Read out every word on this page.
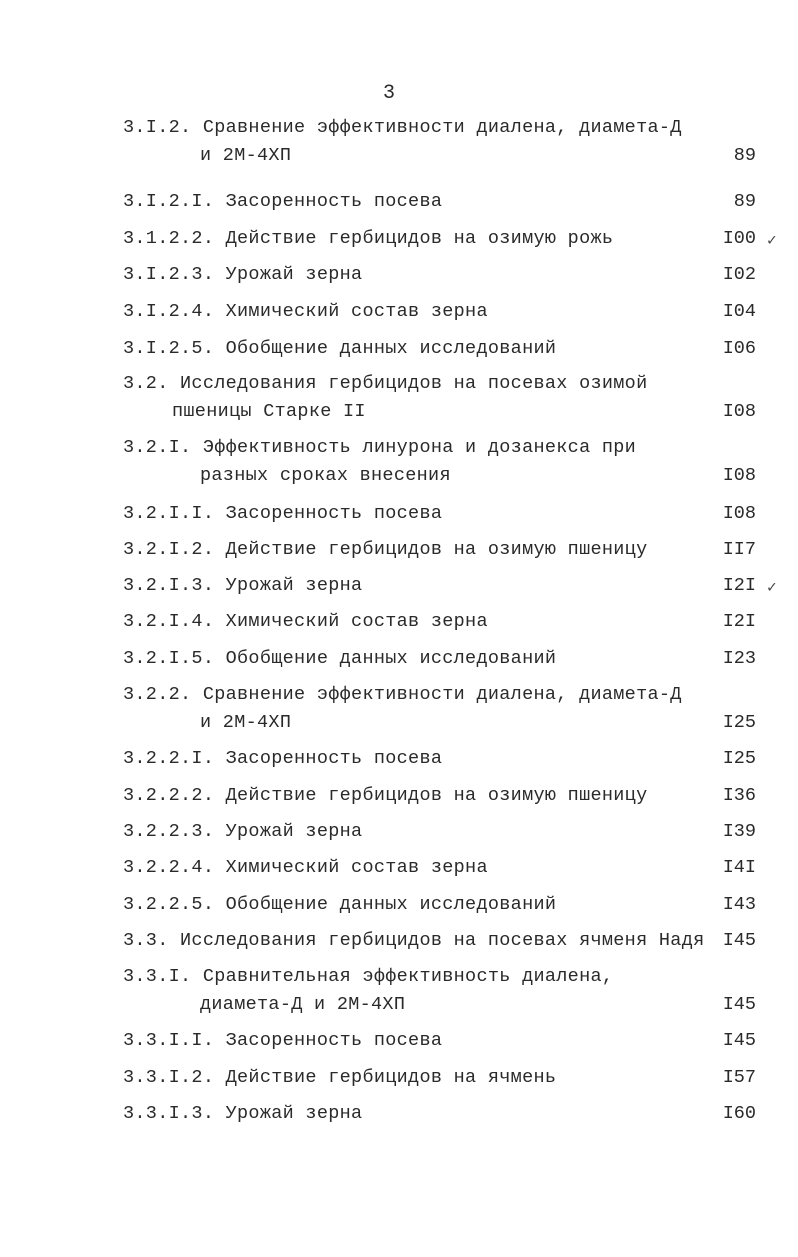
3
3.I.2. Сравнение эффективности диалена, диамета-Д
и 2М-4ХП	89
3.I.2.I. Засоренность посева	89
3.1.2.2. Действие гербицидов на озимую рожь	I00 ✓
3.I.2.3. Урожай зерна	I02
3.I.2.4. Химический состав зерна	I04
3.I.2.5. Обобщение данных исследований	I06
3.2. Исследования гербицидов на посевах озимой
пшеницы Старке II	I08
3.2.I. Эффективность линурона и дозанекса при
разных сроках внесения	I08
3.2.I.I. Засоренность посева	I08
3.2.I.2. Действие гербицидов на озимую пшеницу	II7
3.2.I.3. Урожай зерна	I2I ✓
3.2.I.4. Химический состав зерна	I2I
3.2.I.5. Обобщение данных исследований	I23
3.2.2. Сравнение эффективности диалена, диамета-Д
и 2М-4ХП	I25
3.2.2.I. Засоренность посева	I25
3.2.2.2. Действие гербицидов на озимую пшеницу	I36
3.2.2.3. Урожай зерна	I39
3.2.2.4. Химический состав зерна	I4I
3.2.2.5. Обобщение данных исследований	I43
3.3. Исследования гербицидов на посевах ячменя Надя I45
3.3.I. Сравнительная эффективность диалена,
диамета-Д и 2М-4ХП	I45
3.3.I.I. Засоренность посева	I45
3.3.I.2. Действие гербицидов на ячмень	I57
3.3.I.3. Урожай зерна	I60
